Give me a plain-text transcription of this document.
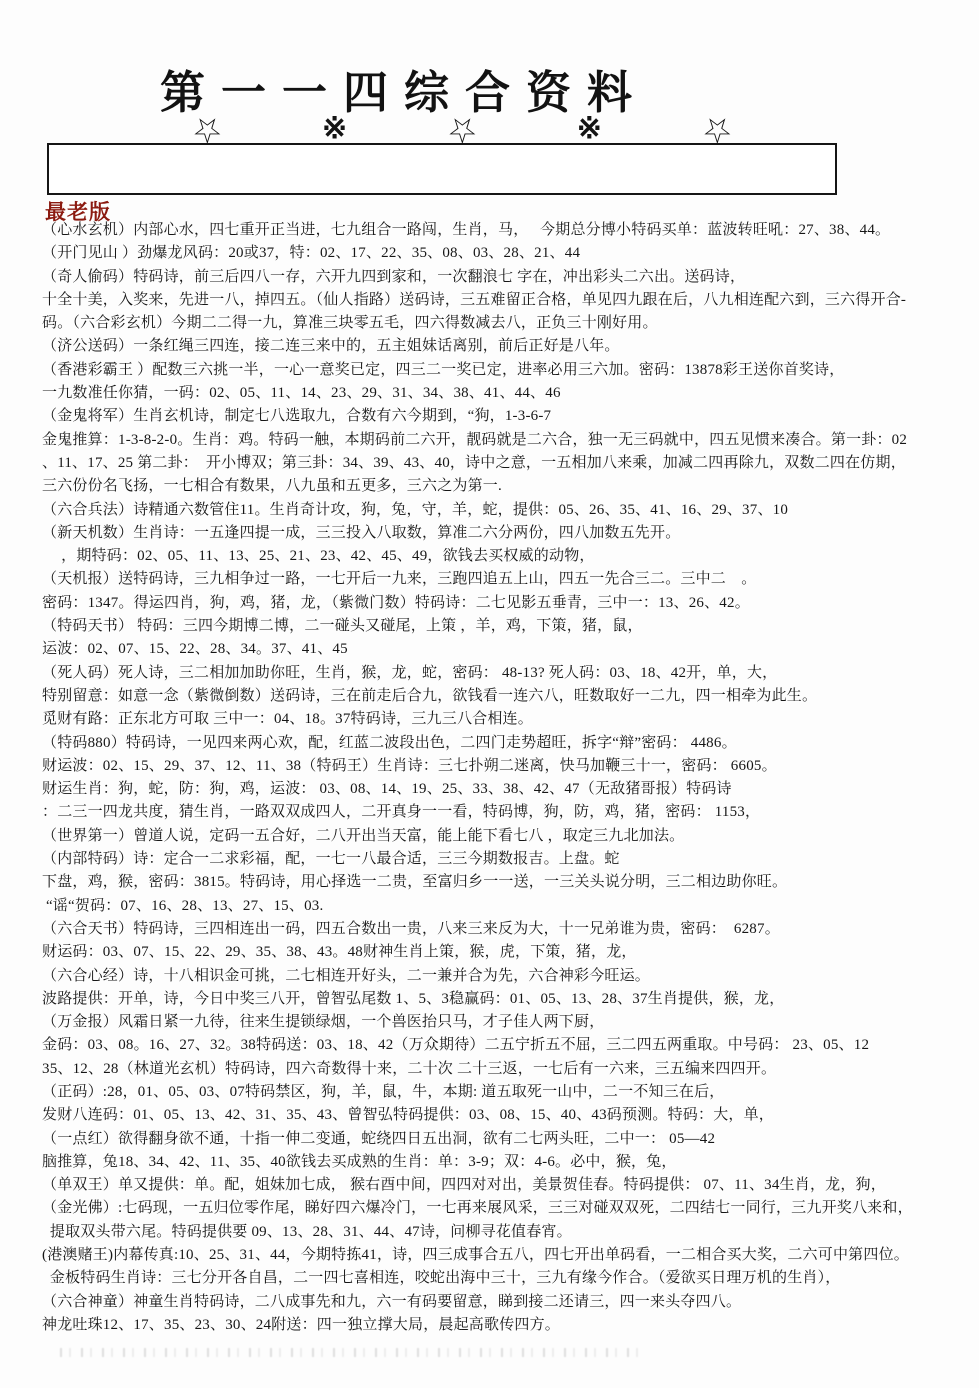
第一一四综合资料
☆	※	☆	※	☆
最老版
（心水玄机）内部心水，四七重开正当进，七九组合一路闯，生肖，马，　 今期总分博小特码买单：蓝波转旺吼：27、38、44。
（开门见山 ）劲爆龙风码：20或37，特：02、17、22、35、08、03、28、21、44
（奇人偷码）特码诗，前三后四八一存，六开九四到家和，一次翻浪七 字在，冲出彩头二六出。送码诗，
十全十美，入奖来，先进一八，掉四五。（仙人指路）送码诗，三五难留正合格，单见四九跟在后，八九相连配六到，三六得开合-
码。（六合彩玄机）今期二二得一九，算准三块零五毛，四六得数减去八，正负三十刚好用。
（济公送码）一条红绳三四连，接二连三来中的，五主姐妹话离别，前后正好是八年。
（香港彩霸王 ）配数三六挑一半，一心一意奖已定，四三二一奖已定，进率必用三六加。密码：13878彩王送你首奖诗，
一九数准任你猜，一码：02、05、11、14、23、29、31、34、38、41、44、46
（金鬼将军）生肖玄机诗，制定七八选取九，合数有六今期到，“狗，1-3-6-7
金鬼推算：1-3-8-2-0。生肖：鸡。特码一触，本期码前二六开，靓码就是二六合，独一无三码就中，四五见惯来凑合。第一卦：02
、11、17、25 第二卦：  开小博双；第三卦：34、39、43、40，诗中之意，一五相加八来乘，加减二四再除九，双数二四在仿期，
三六份份名飞扬，一七相合有数果，八九虽和五更多，三六之为第一.
（六合兵法）诗精通六数管住11。生肖奇计攻，狗，兔，守，羊，蛇，提供：05、26、35、41、16、29、37、10
（新天机数）生肖诗：一五逢四提一成，三三投入八取数，算准二六分两份，四八加数五先开。
　 ，期特码：02、05、11、13、25、21、23、42、45、49，欲钱去买权威的动物，
（天机报）送特码诗，三九相争过一路，一七开后一九来，三跑四追五上山，四五一先合三二。三中二　。
密码：1347。得运四肖，狗，鸡，猪，龙，（紫微门数）特码诗：二七见影五垂青，三中一：13、26、42。
（特码天书） 特码：三四今期博二博，二一碰头又碰尾，上策 ，羊，鸡，下策，猪，鼠，
运波：02、07、15、22、28、34。37、41、45
（死人码）死人诗，三二相加加助你旺，生肖，猴，龙，蛇，密码： 48-13? 死人码：03、18、42开，单，大，
特别留意：如意一念（紫微倒数）送码诗，三在前走后合九，欲钱看一连六八，旺数取好一二九，四一相牵为此生。
觅财有路：正东北方可取 三中一：04、18。37特码诗，三九三八合相连。
（特码880）特码诗，一见四来两心欢，配，红蓝二波段出色，二四门走势超旺，拆字“辩”密码： 4486。
财运波：02、15、29、37、12、11、38（特码王）生肖诗：三七扑朔二迷离，快马加鞭三十一，密码： 6605。
财运生肖：狗，蛇，防：狗，鸡，运波： 03、08、14、19、25、33、38、42、47（无敌猪哥报）特码诗
：二三一四龙共度，猜生肖，一路双双成四人，二开真身一一看，特码博，狗，防，鸡，猪，密码： 1153，
（世界第一）曾道人说，定码一五合好，二八开出当天富，能上能下看七八 ，取定三九北加法。
（内部特码）诗：定合一二求彩福，配，一七一八最合适，三三今期数报吉。上盘。蛇
下盘，鸡，猴，密码：3815。特码诗，用心择选一二贵，至富归乡一一送，一三关头说分明，三二相边助你旺。
“谣“贺码：07、16、28、13、27、15、03.
（六合天书）特码诗，三四相连出一码，四五合数出一贵，八来三来反为大，十一兄弟谁为贵，密码：  6287。
财运码：03、07、15、22、29、35、38、43。48财神生肖上策，猴，虎，下策，猪，龙，
（六合心经）诗，十八相识金可挑，二七相连开好头，二一兼并合为先，六合神彩今旺运。
波路提供：开单，诗，今日中奖三八开，曾智弘尾数 1、5、3稳赢码：01、05、13、28、37生肖提供，猴，龙，
（万金报）风霜日紧一九待，往来生提锁绿烟，一个兽医抬只马，才子佳人两下厨，
金码：03、08。16、27、32。38特码送：03、18、42（万众期待）二五宁折五不屈，三二四五两重取。中号码： 23、05、12
35、12、28（林道光玄机）特码诗，四六奇数得十来，二十次 二十三返，一七后有一六来，三五编来四四开。
（正码）:28，01、05、03、07特码禁区，狗，羊，鼠，牛，本期: 道五取死一山中，二一不知三在后，
发财八连码：01、05、13、42、31、35、43、曾智弘特码提供：03、08、15、40、43码预测。特码：大，单，
（一点红）欲得翻身欲不通，十指一伸二变通，蛇绕四日五出洞，欲有二七两头旺，二中一： 05—42
脑推算，兔18、34、42、11、35、40欲钱去买成熟的生肖：单：3-9；双：4-6。必中，猴，兔，
（单双王）单又提供：单。配，姐妹加七成， 猴右酉中间，四四对对出，美景贺佳春。特码提供： 07、11、34生肖，龙，狗，
（金光佛）:七码现，一五归位零作尾，睇好四六爆冷门，一七再来展风采，三三对碰双双死，二四结七一同行，三九开奖八来和，
提取双头带六尾。特码提供要 09、13、28、31、44、47诗，问柳寻花值春宵。
(港澳赌王)内幕传真:10、25、31、44，今期特拣41，诗，四三成事合五八，四七开出单码看，一二相合买大奖，二六可中第四位。
金板特码生肖诗：三七分开各自昌，二一四七喜相连，咬蛇出海中三十，三九有缘今作合。（爱欲买日理万机的生肖），
（六合神童）神童生肖特码诗，二八成事先和九，六一有码要留意，睇到接二还请三，四一来头夺四八。
神龙吐珠12、17、35、23、30、24附送：四一独立撑大局，晨起高歌传四方。
